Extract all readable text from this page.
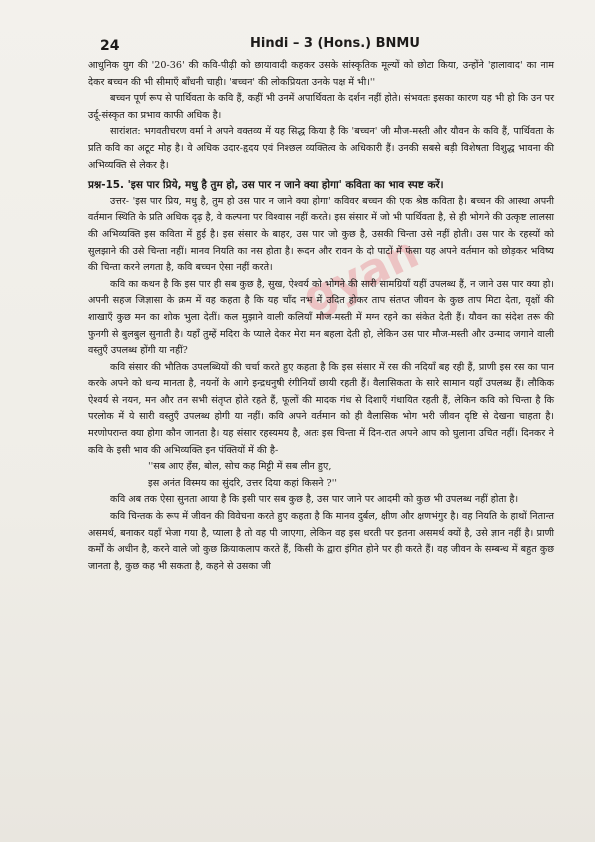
24	Hindi – 3 (Hons.) BNMU
gyan

आधुनिक युग की '20-36' की कवि-पीढ़ी को छायावादी कहकर उसके सांस्कृतिक मूल्यों को छोटा किया, उन्होंने 'हालावाद' का नाम देकर बच्चन की भी सीमाएँ बाँधनी चाही। 'बच्चन' की लोकप्रियता उनके पक्ष में भी।''

बच्चन पूर्ण रूप से पार्थिवता के कवि हैं, कहीं भी उनमें अपार्थिवता के दर्शन नहीं होते। संभवतः इसका कारण यह भी हो कि उन पर उर्दू-संस्कृत का प्रभाव काफी अधिक है।

सारांशत: भगवतीचरण वर्मा ने अपने वक्तव्य में यह सिद्ध किया है कि 'बच्चन' जी मौज-मस्ती और यौवन के कवि हैं, पार्थिवता के प्रति कवि का अटूट मोह है। वे अधिक उदार-हृदय एवं निश्छल व्यक्तित्व के अधिकारी हैं। उनकी सबसे बड़ी विशेषता विशुद्ध भावना की अभिव्यक्ति से लेकर है।

प्रश्न-15. 'इस पार प्रिये, मधु है तुम हो, उस पार न जाने क्या होगा' कविता का भाव स्पष्ट करें।

उत्तर- 'इस पार प्रिय, मधु है, तुम हो उस पार न जाने क्या होगा' कविवर बच्चन की एक श्रेष्ठ कविता है। बच्चन की आस्था अपनी वर्तमान स्थिति के प्रति अधिक दृढ़ है, वे कल्पना पर विश्वास नहीं करते। इस संसार में जो भी पार्थिवता है, से ही भोगने की उत्कृष्ट लालसा की अभिव्यक्ति इस कविता में हुई है। इस संसार के बाहर, उस पार जो कुछ है, उसकी चिन्ता उसे नहीं होती। उस पार के रहस्यों को सुलझाने की उसे चिन्ता नहीं। मानव नियति का नस होता है। रूदन और रावन के दो पाटों में फंसा यह अपने वर्तमान को छोड़कर भविष्य की चिन्ता करने लगता है, कवि बच्चन ऐसा नहीं करते।

कवि का कथन है कि इस पार ही सब कुछ है, सुख, ऐश्वर्य को भोगने की सारी सामग्रियाँ यहीं उपलब्ध हैं, न जाने उस पार क्या हो। अपनी सहज जिज्ञासा के क्रम में वह कहता है कि यह चाँद नभ में उदित होकर ताप संतप्त जीवन के कुछ ताप मिटा देता, वृक्षों की शाखाएँ कुछ मन का शोक भुला देतीं। कल मुझाने वाली कलियाँ मौज-मस्ती में मग्न रहने का संकेत देती हैं। यौवन का संदेश तरू की फुनगी से बुलबुल सुनाती है। यहाँ तुम्हें मदिरा के प्याले देकर मेरा मन बहला देती हो, लेकिन उस पार मौज-मस्ती और उन्माद जगाने वाली वस्तुएँ उपलब्ध होंगी या नहीं?

कवि संसार की भौतिक उपलब्धियों की चर्चा करते हुए कहता है कि इस संसार में रस की नदियाँ बह रही हैं, प्राणी इस रस का पान करके अपने को धन्य मानता है, नयनों के आगे इन्द्रधनुषी रंगीनियाँ छायी रहती हैं। वैलासिकता के सारे सामान यहाँ उपलब्ध हैं। लौकिक ऐश्वर्य से नयन, मन और तन सभी संतृप्त होते रहते हैं, फूलों की मादक गंध से दिशाएँ गंधायित रहती हैं, लेकिन कवि को चिन्ता है कि परलोक में ये सारी वस्तुएँ उपलब्ध होगी या नहीं। कवि अपने वर्तमान को ही वैलासिक भोग भरी जीवन दृष्टि से देखना चाहता है। मरणोपरान्त क्या होगा कौन जानता है। यह संसार रहस्यमय है, अतः इस चिन्ता में दिन-रात अपने आप को घुलाना उचित नहीं। दिनकर ने कवि के इसी भाव की अभिव्यक्ति इन पंक्तियों में की है-

''सब आए हँस, बोल, सोच कह मिट्टी में सब लीन हुए,

इस अनंत विस्मय का सुंदरि, उत्तर दिया कहां किसने ?''

कवि अब तक ऐसा सुनता आया है कि इसी पार सब कुछ है, उस पार जाने पर आदमी को कुछ भी उपलब्ध नहीं होता है।

कवि चिन्तक के रूप में जीवन की विवेचना करते हुए कहता है कि मानव दुर्बल, क्षीण और क्षणभंगुर है। वह नियति के हाथों नितान्त असमर्थ, बनाकर यहाँ भेजा गया है, प्याला है तो वह पी जाएगा, लेकिन वह इस धरती पर इतना असमर्थ क्यों है, उसे ज्ञान नहीं है। प्राणी कर्मों के अधीन है, करने वाले जो कुछ क्रियाकलाप करते हैं, किसी के द्वारा इंगित होने पर ही करते हैं। वह जीवन के सम्बन्ध में बहुत कुछ जानता है, कुछ कह भी सकता है, कहने से उसका जी
